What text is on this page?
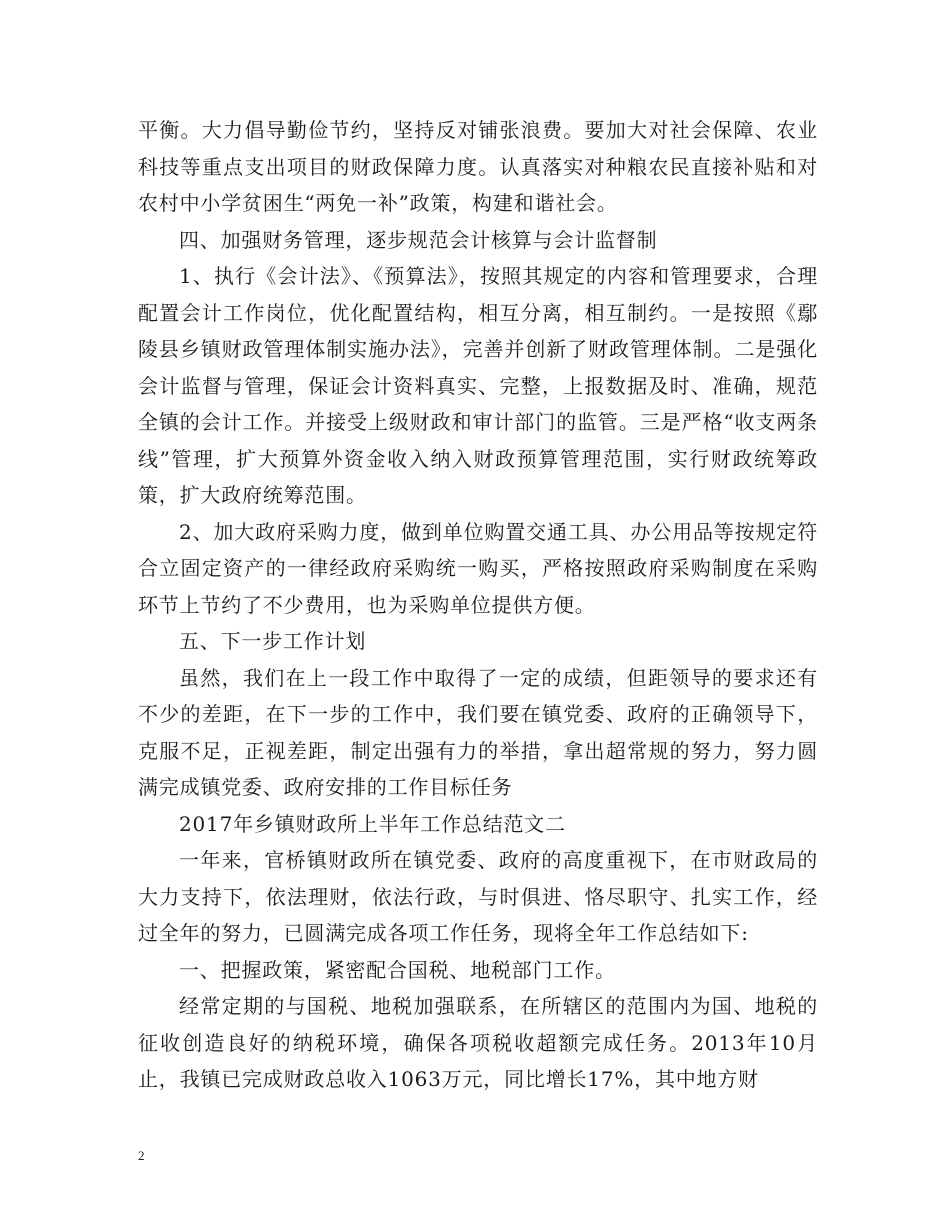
平衡。大力倡导勤俭节约，坚持反对铺张浪费。要加大对社会保障、农业科技等重点支出项目的财政保障力度。认真落实对种粮农民直接补贴和对农村中小学贫困生“两免一补”政策，构建和谐社会。

四、加强财务管理，逐步规范会计核算与会计监督制

1、执行《会计法》、《预算法》，按照其规定的内容和管理要求，合理配置会计工作岗位，优化配置结构，相互分离，相互制约。一是按照《鄢陵县乡镇财政管理体制实施办法》，完善并创新了财政管理体制。二是强化会计监督与管理，保证会计资料真实、完整，上报数据及时、准确，规范全镇的会计工作。并接受上级财政和审计部门的监管。三是严格“收支两条线”管理，扩大预算外资金收入纳入财政预算管理范围，实行财政统筹政策，扩大政府统筹范围。

2、加大政府采购力度，做到单位购置交通工具、办公用品等按规定符合立固定资产的一律经政府采购统一购买，严格按照政府采购制度在采购环节上节约了不少费用，也为采购单位提供方便。

五、下一步工作计划

虽然，我们在上一段工作中取得了一定的成绩，但距领导的要求还有不少的差距，在下一步的工作中，我们要在镇党委、政府的正确领导下，克服不足，正视差距，制定出强有力的举措，拿出超常规的努力，努力圆满完成镇党委、政府安排的工作目标任务

2017年乡镇财政所上半年工作总结范文二

一年来，官桥镇财政所在镇党委、政府的高度重视下，在市财政局的大力支持下，依法理财，依法行政，与时俱进、恪尽职守、扎实工作，经过全年的努力，已圆满完成各项工作任务，现将全年工作总结如下:

一、把握政策，紧密配合国税、地税部门工作。

经常定期的与国税、地税加强联系，在所辖区的范围内为国、地税的征收创造良好的纳税环境，确保各项税收超额完成任务。2013年10月止，我镇已完成财政总收入1063万元，同比增长17%，其中地方财

2
